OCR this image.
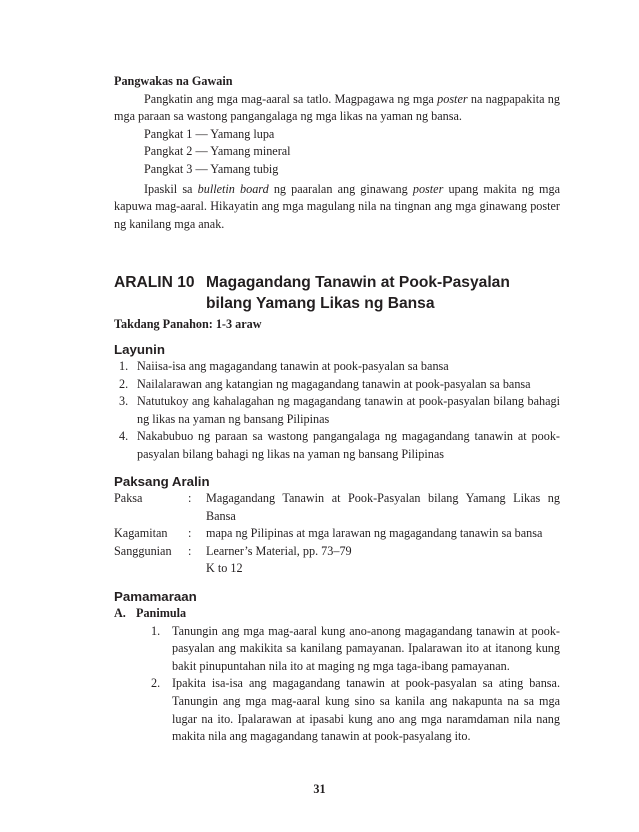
Pangwakas na Gawain

Pangkatin ang mga mag-aaral sa tatlo. Magpagawa ng mga poster na nagpapakita ng mga paraan sa wastong pangangalaga ng mga likas na yaman ng bansa.

Pangkat 1 — Yamang lupa

Pangkat 2 — Yamang mineral

Pangkat 3 — Yamang tubig

Ipaskil sa bulletin board ng paaralan ang ginawang poster upang makita ng mga kapuwa mag-aaral. Hikayatin ang mga magulang nila na tingnan ang mga ginawang poster ng kanilang mga anak.

ARALIN 10 Magagandang Tanawin at Pook-Pasyalan
bilang Yamang Likas ng Bansa

Takdang Panahon: 1-3 araw

Layunin
1. Naiisa-isa ang magagandang tanawin at pook-pasyalan sa bansa
2. Nailalarawan ang katangian ng magagandang tanawin at pook-pasyalan sa bansa
3. Natutukoy ang kahalagahan ng magagandang tanawin at pook-pasyalan bilang bahagi ng likas na yaman ng bansang Pilipinas
4. Nakabubuo ng paraan sa wastong pangangalaga ng magagandang tanawin at pook-pasyalan bilang bahagi ng likas na yaman ng bansang Pilipinas
Paksang Aralin
Paksa	: Magagandang Tanawin at Pook-Pasyalan bilang Yamang Likas ng Bansa
Kagamitan : mapa ng Pilipinas at mga larawan ng magagandang tanawin sa bansa
Sanggunian : Learner’s Material, pp. 73–79
K to 12
Pamamaraan
A. Panimula
1. Tanungin ang mga mag-aaral kung ano-anong magagandang tanawin at pook-pasyalan ang makikita sa kanilang pamayanan. Ipalarawan ito at itanong kung bakit pinupuntahan nila ito at maging ng mga taga-ibang pamayanan.
2. Ipakita isa-isa ang magagandang tanawin at pook-pasyalan sa ating bansa. Tanungin ang mga mag-aaral kung sino sa kanila ang nakapunta na sa mga lugar na ito. Ipalarawan at ipasabi kung ano ang mga naramdaman nila nang makita nila ang magagandang tanawin at pook-pasyalang ito.
31
